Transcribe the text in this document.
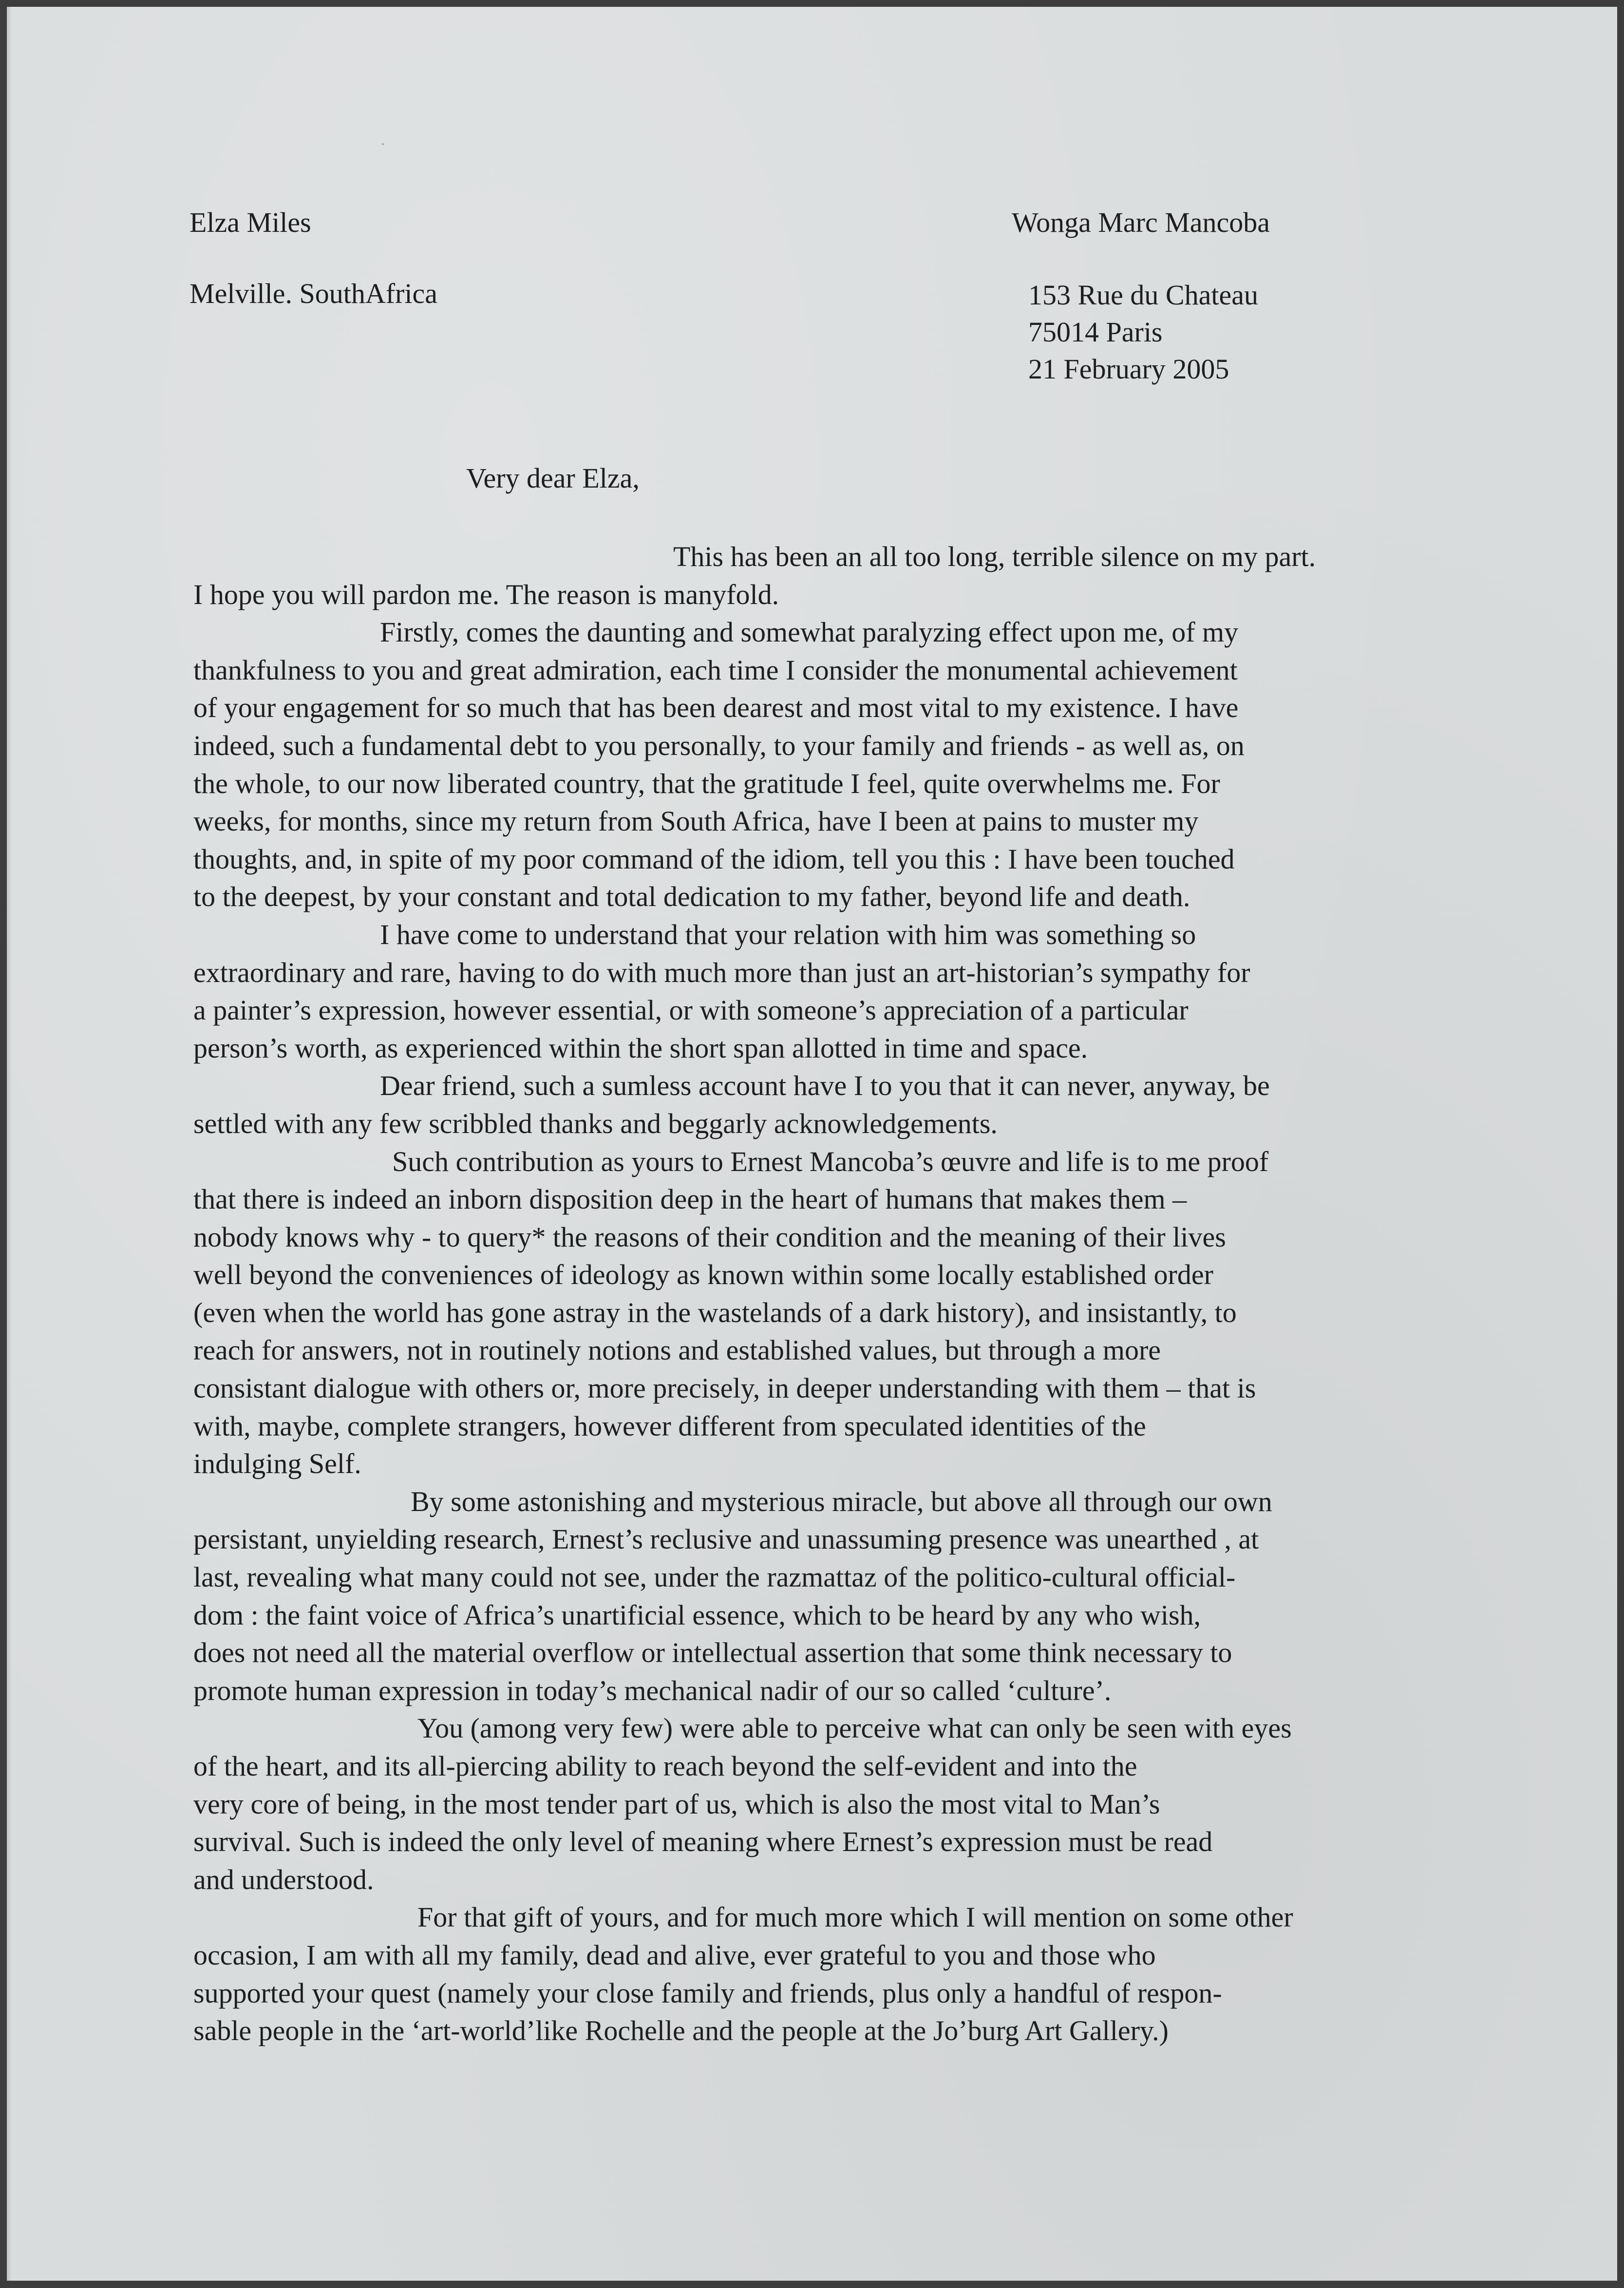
Elza Miles
Melville. SouthAfrica
Wonga Marc Mancoba
153 Rue du Chateau
75014 Paris
21 February 2005
Very dear Elza,
This has been an all too long, terrible silence on my part.
I hope you will pardon me. The reason is manyfold.
Firstly, comes the daunting and somewhat paralyzing effect upon me, of my
thankfulness to you and great admiration, each time I consider the monumental achievement
of your engagement for so much that has been dearest and most vital to my existence. I have
indeed, such a fundamental debt to you personally, to your family and friends - as well as, on
the whole, to our now liberated country, that the gratitude I feel, quite overwhelms me. For
weeks, for months, since my return from South Africa, have I been at pains to muster my
thoughts, and, in spite of my poor command of the idiom, tell you this : I have been touched
to the deepest, by your constant and total dedication to my father, beyond life and death.
I have come to understand that your relation with him was something so
extraordinary and rare, having to do with much more than just an art-historian’s sympathy for
a painter’s expression, however essential, or with someone’s appreciation of a particular
person’s worth, as experienced within the short span allotted in time and space.
Dear friend, such a sumless account have I to you that it can never, anyway, be
settled with any few scribbled thanks and beggarly acknowledgements.
Such contribution as yours to Ernest Mancoba’s œuvre and life is to me proof
that there is indeed an inborn disposition deep in the heart of humans that makes them –
nobody knows why - to query* the reasons of their condition and the meaning of their lives
well beyond the conveniences of ideology as known within some locally established order
(even when the world has gone astray in the wastelands of a dark history), and insistantly, to
reach for answers, not in routinely notions and established values, but through a more
consistant dialogue with others or, more precisely, in deeper understanding with them – that is
with, maybe, complete strangers, however different from speculated identities of the
indulging Self.
By some astonishing and mysterious miracle, but above all through our own
persistant, unyielding research, Ernest’s reclusive and unassuming presence was unearthed , at
last, revealing what many could not see, under the razmattaz of the politico-cultural official-
dom : the faint voice of Africa’s unartificial essence, which to be heard by any who wish,
does not need all the material overflow or intellectual assertion that some think necessary to
promote human expression in today’s mechanical nadir of our so called ‘culture’.
You (among very few) were able to perceive what can only be seen with eyes
of the heart, and its all-piercing ability to reach beyond the self-evident and into the
very core of being, in the most tender part of us, which is also the most vital to Man’s
survival. Such is indeed the only level of meaning where Ernest’s expression must be read
and understood.
For that gift of yours, and for much more which I will mention on some other
occasion, I am with all my family, dead and alive, ever grateful to you and those who
supported your quest (namely your close family and friends, plus only a handful of respon-
sable people in the ‘art-world’like Rochelle and the people at the Jo’burg Art Gallery.)
